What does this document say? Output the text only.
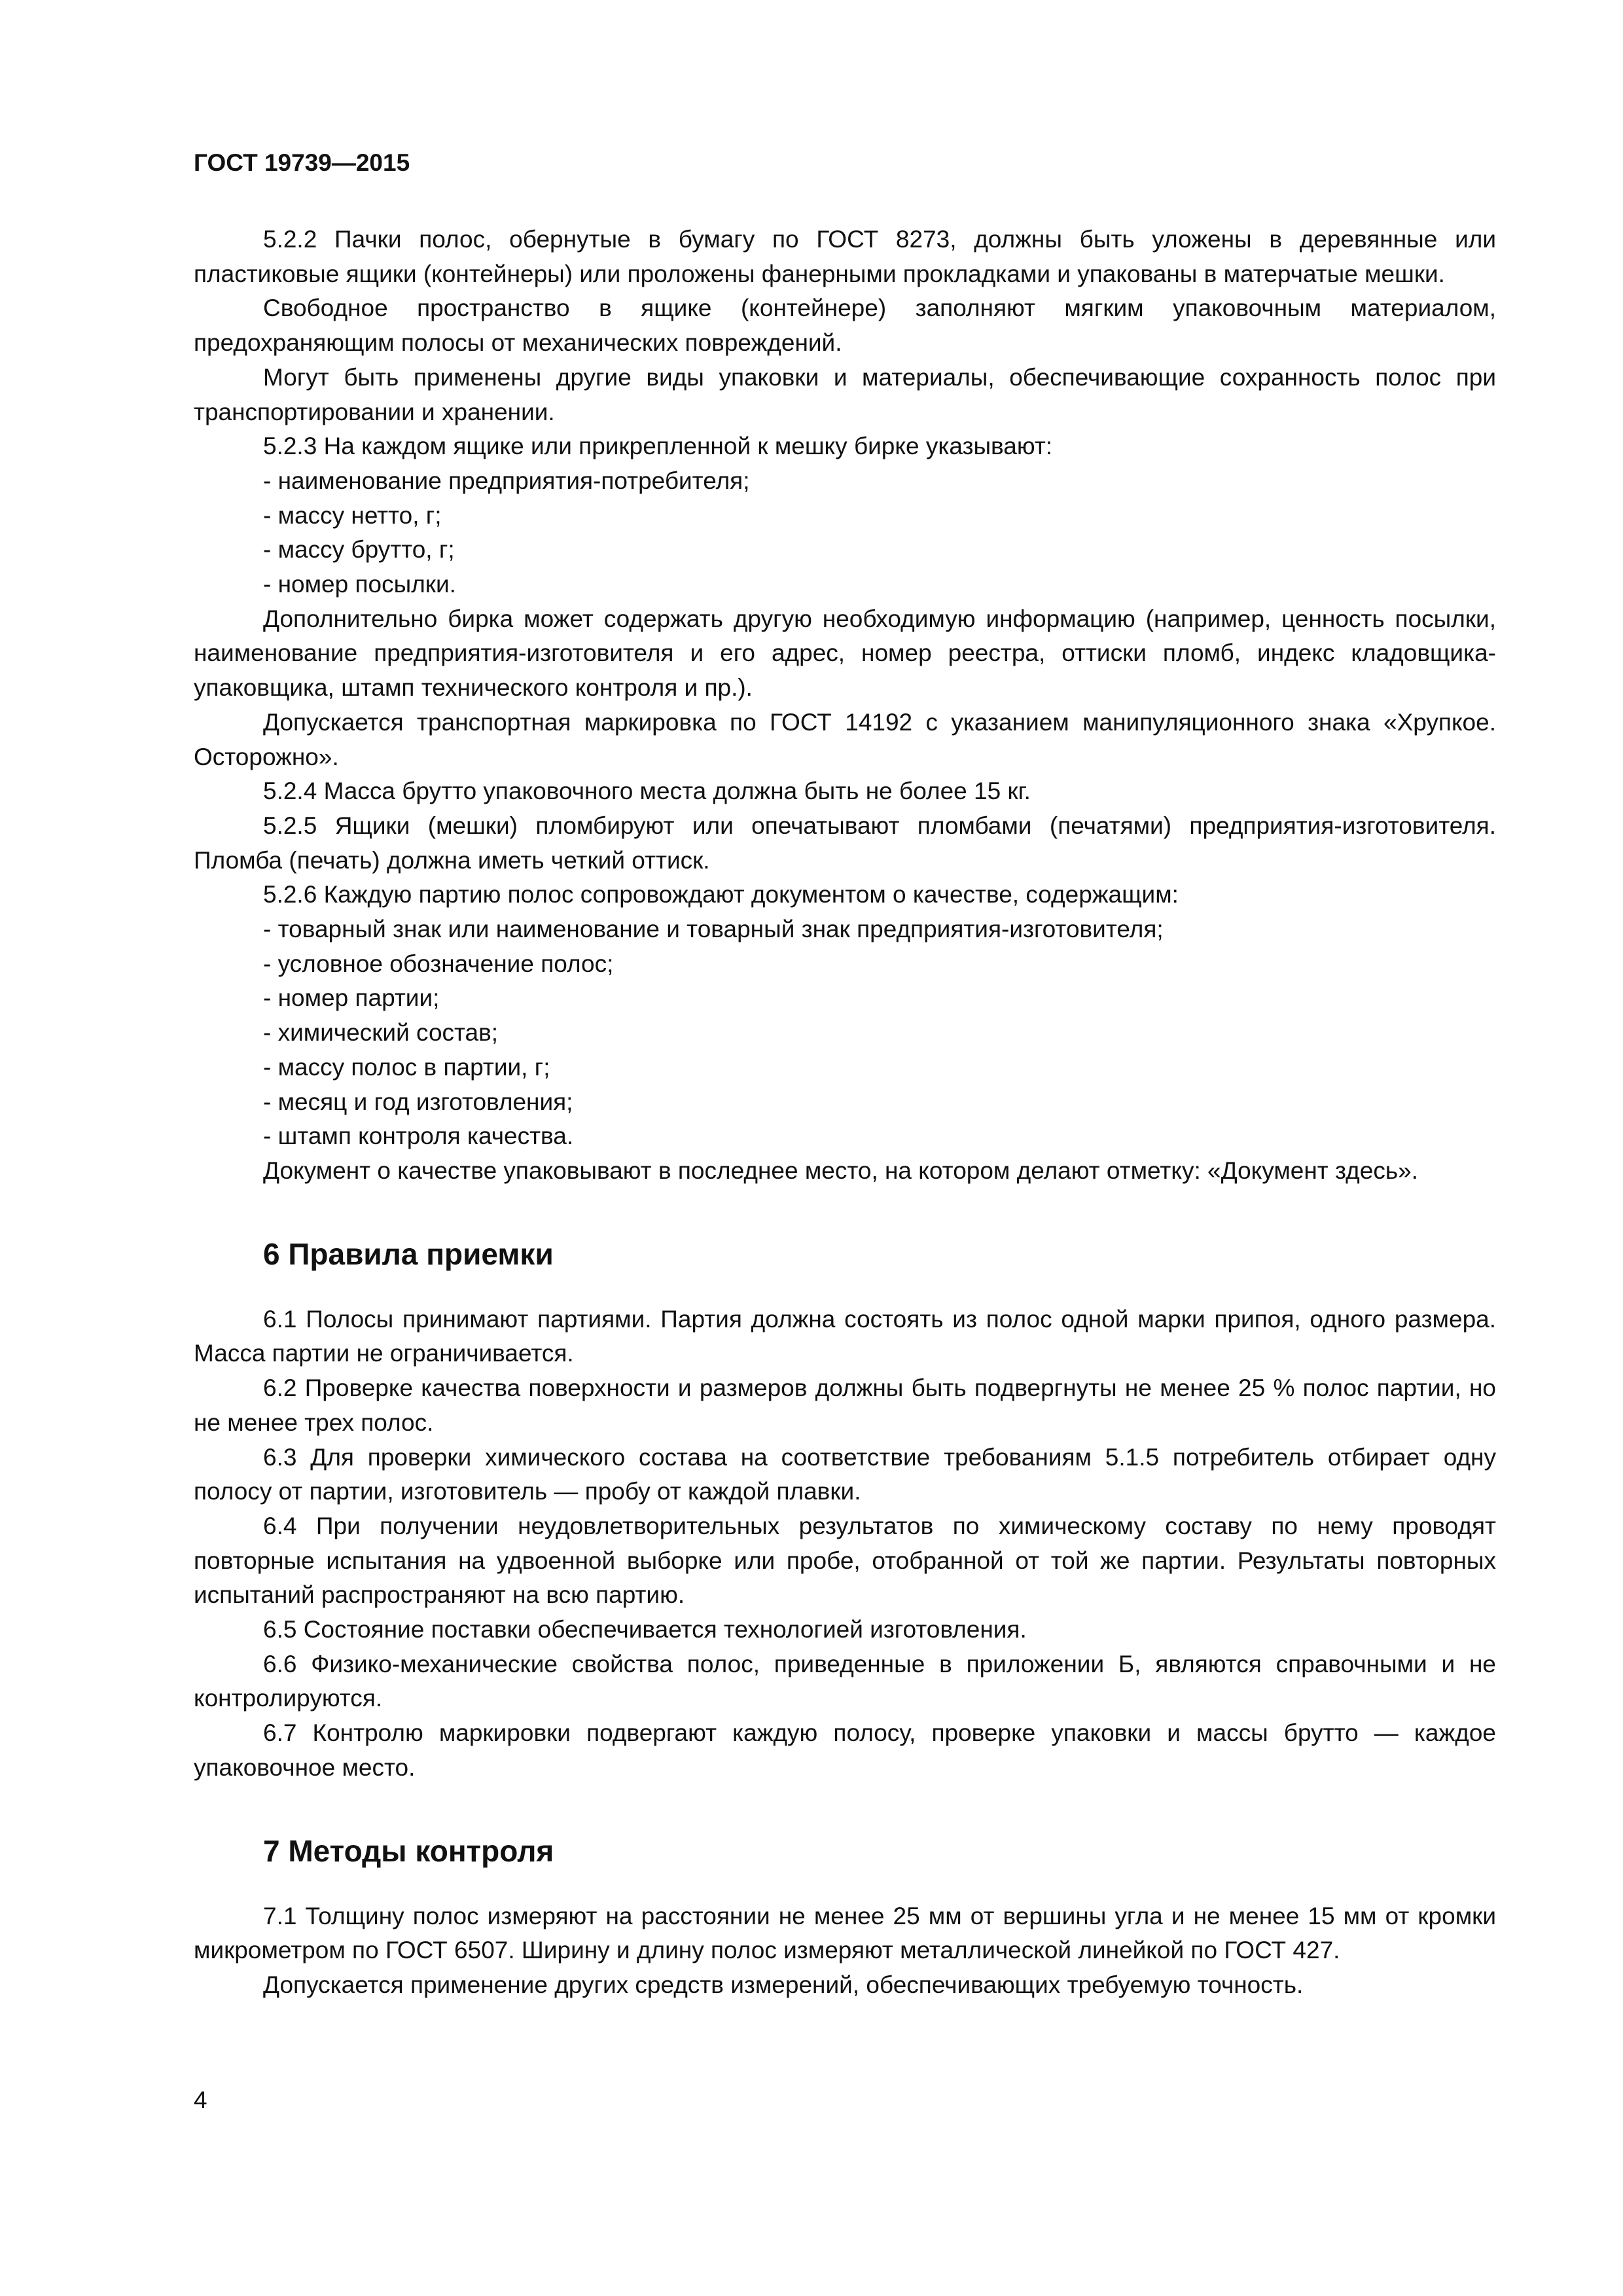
ГОСТ 19739—2015

5.2.2 Пачки полос, обернутые в бумагу по ГОСТ 8273, должны быть уложены в деревянные или пластиковые ящики (контейнеры) или проложены фанерными прокладками и упакованы в матерчатые мешки.

Свободное пространство в ящике (контейнере) заполняют мягким упаковочным материалом, предохраняющим полосы от механических повреждений.

Могут быть применены другие виды упаковки и материалы, обеспечивающие сохранность полос при транспортировании и хранении.

5.2.3 На каждом ящике или прикрепленной к мешку бирке указывают:

- наименование предприятия-потребителя;

- массу нетто, г;

- массу брутто, г;

- номер посылки.

Дополнительно бирка может содержать другую необходимую информацию (например, ценность посылки, наименование предприятия-изготовителя и его адрес, номер реестра, оттиски пломб, индекс кладовщика-упаковщика, штамп технического контроля и пр.).

Допускается транспортная маркировка по ГОСТ 14192 с указанием манипуляционного знака «Хрупкое. Осторожно».

5.2.4 Масса брутто упаковочного места должна быть не более 15 кг.

5.2.5 Ящики (мешки) пломбируют или опечатывают пломбами (печатями) предприятия-изготовителя. Пломба (печать) должна иметь четкий оттиск.

5.2.6 Каждую партию полос сопровождают документом о качестве, содержащим:

- товарный знак или наименование и товарный знак предприятия-изготовителя;

- условное обозначение полос;

- номер партии;

- химический состав;

- массу полос в партии, г;

- месяц и год изготовления;

- штамп контроля качества.

Документ о качестве упаковывают в последнее место, на котором делают отметку: «Документ здесь».

6 Правила приемки

6.1 Полосы принимают партиями. Партия должна состоять из полос одной марки припоя, одного размера. Масса партии не ограничивается.

6.2 Проверке качества поверхности и размеров должны быть подвергнуты не менее 25 % полос партии, но не менее трех полос.

6.3 Для проверки химического состава на соответствие требованиям 5.1.5 потребитель отбирает одну полосу от партии, изготовитель — пробу от каждой плавки.

6.4 При получении неудовлетворительных результатов по химическому составу по нему проводят повторные испытания на удвоенной выборке или пробе, отобранной от той же партии. Результаты повторных испытаний распространяют на всю партию.

6.5 Состояние поставки обеспечивается технологией изготовления.

6.6 Физико-механические свойства полос, приведенные в приложении Б, являются справочными и не контролируются.

6.7 Контролю маркировки подвергают каждую полосу, проверке упаковки и массы брутто — каждое упаковочное место.

7 Методы контроля

7.1 Толщину полос измеряют на расстоянии не менее 25 мм от вершины угла и не менее 15 мм от кромки микрометром по ГОСТ 6507. Ширину и длину полос измеряют металлической линейкой по ГОСТ 427.

Допускается применение других средств измерений, обеспечивающих требуемую точность.

4
